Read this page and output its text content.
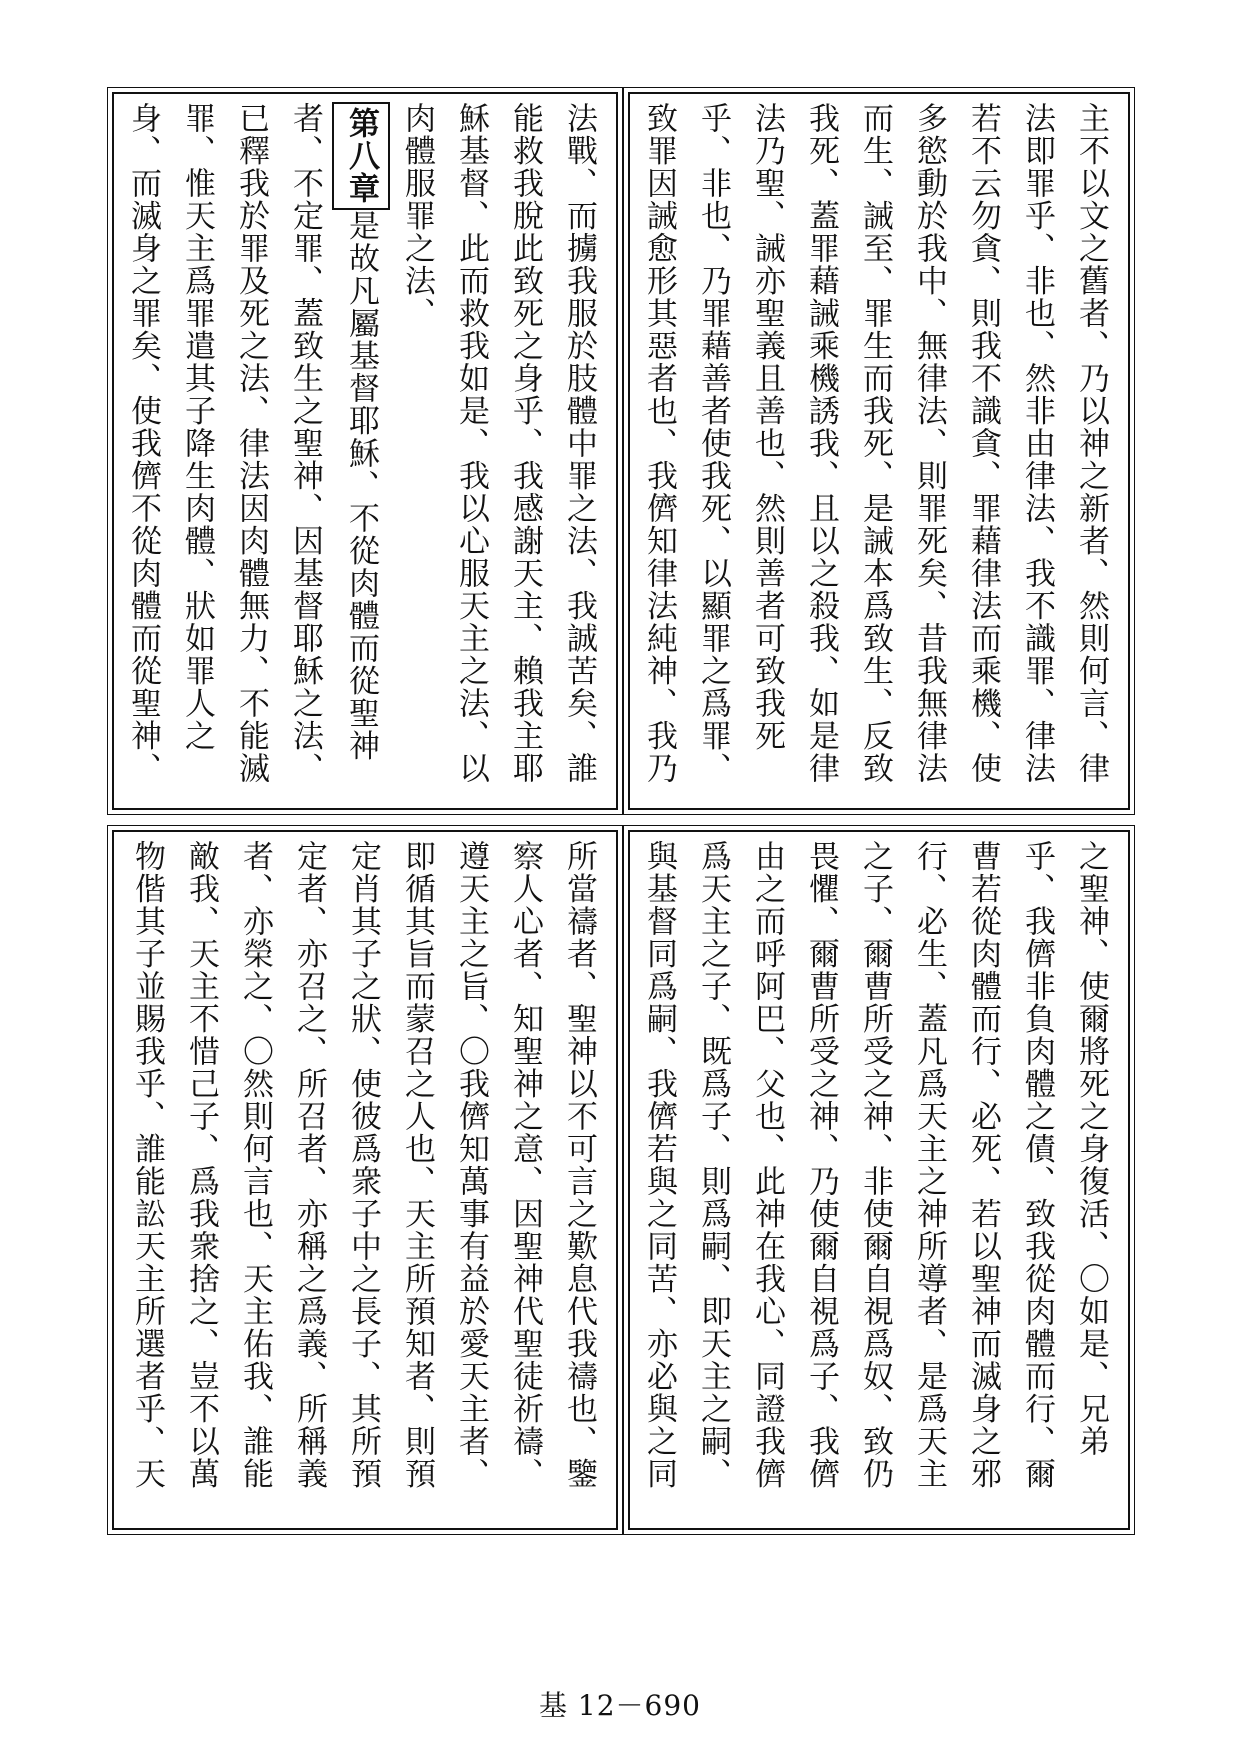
主不以文之舊者、乃以神之新者、然則何言、律法即罪乎、非也、然非由律法、我不識罪、律法若不云勿貪、則我不識貪、罪藉律法而乘機、使多慾動於我中、無律法、則罪死矣、昔我無律法而生、誡至、罪生而我死、是誡本爲致生、反致我死、蓋罪藉誡乘機誘我、且以之殺我、如是律法乃聖、誡亦聖義且善也、然則善者可致我死乎、非也、乃罪藉善者使我死、以顯罪之爲罪、致罪因誡愈形其惡者也、我儕知律法純神、我乃
法戰、而擄我服於肢體中罪之法、我誠苦矣、誰能救我脫此致死之身乎、我感謝天主、賴我主耶穌基督、此而救我如是、我以心服天主之法、以肉體服罪之法、
第八章是故凡屬基督耶穌、不從肉體而從聖神者、不定罪、蓋致生之聖神、因基督耶穌之法、已釋我於罪及死之法、律法因肉體無力、不能滅罪、惟天主爲罪遣其子降生肉體、狀如罪人之身、而滅身之罪矣、使我儕不從肉體而從聖神、
之聖神、使爾將死之身復活、〇如是、兄弟乎、我儕非負肉體之債、致我從肉體而行、爾曹若從肉體而行、必死、若以聖神而滅身之邪行、必生、蓋凡爲天主之神所導者、是爲天主之子、爾曹所受之神、非使爾自視爲奴、致仍畏懼、爾曹所受之神、乃使爾自視爲子、我儕由之而呼阿巴、父也、此神在我心、同證我儕爲天主之子、既爲子、則爲嗣、即天主之嗣、與基督同爲嗣、我儕若與之同苦、亦必與之同
所當禱者、聖神以不可言之歎息代我禱也、鑒察人心者、知聖神之意、因聖神代聖徒祈禱、遵天主之旨、〇我儕知萬事有益於愛天主者、即循其旨而蒙召之人也、天主所預知者、則預定肖其子之狀、使彼爲衆子中之長子、其所預定者、亦召之、所召者、亦稱之爲義、所稱義者、亦榮之、〇然則何言也、天主佑我、誰能敵我、天主不惜己子、爲我衆捨之、豈不以萬物偕其子並賜我乎、誰能訟天主所選者乎、天
基 12－690
